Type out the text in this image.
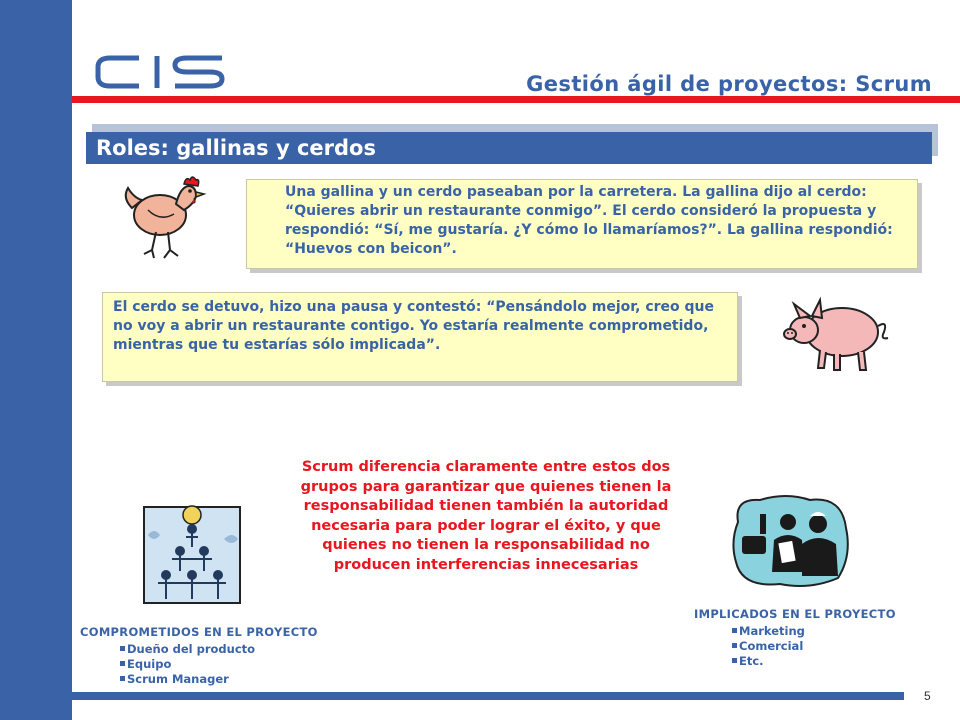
Gestión ágil de proyectos: Scrum
Roles: gallinas y cerdos
Una gallina y un cerdo paseaban por la carretera. La gallina dijo al cerdo: “Quieres abrir un restaurante conmigo”. El cerdo consideró la propuesta y respondió: “Sí, me gustaría. ¿Y cómo lo llamaríamos?”. La gallina respondió: “Huevos con beicon”.
El cerdo se detuvo, hizo una pausa y contestó: “Pensándolo mejor, creo que no voy a abrir un restaurante contigo. Yo estaría realmente comprometido, mientras que tu estarías sólo implicada”.

Scrum diferencia claramente entre estos dos grupos para garantizar que quienes tienen la responsabilidad tienen también la autoridad necesaria para poder lograr el éxito, y que quienes no tienen la responsabilidad no producen interferencias innecesarias

COMPROMETIDOS EN EL PROYECTO

Dueño del producto
Equipo
Scrum Manager

IMPLICADOS EN EL PROYECTO

Marketing
Comercial
Etc.

5
